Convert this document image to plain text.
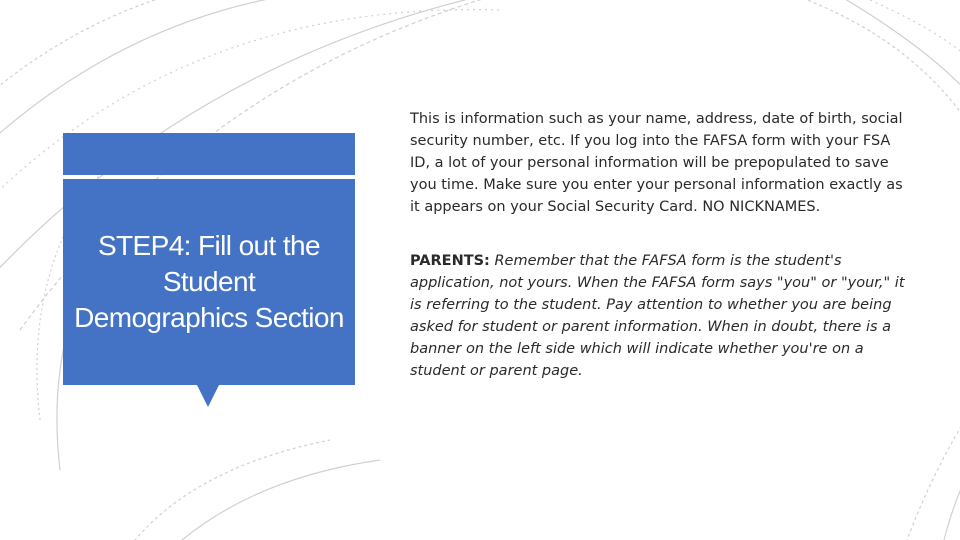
STEP4: Fill out the Student Demographics Section

This is information such as your name, address, date of birth, social security number, etc. If you log into the FAFSA form with your FSA ID, a lot of your personal information will be prepopulated to save you time. Make sure you enter your personal information exactly as it appears on your Social Security Card. NO NICKNAMES.

PARENTS: Remember that the FAFSA form is the student's application, not yours. When the FAFSA form says "you" or "your," it is referring to the student. Pay attention to whether you are being asked for student or parent information. When in doubt, there is a banner on the left side which will indicate whether you're on a student or parent page.
